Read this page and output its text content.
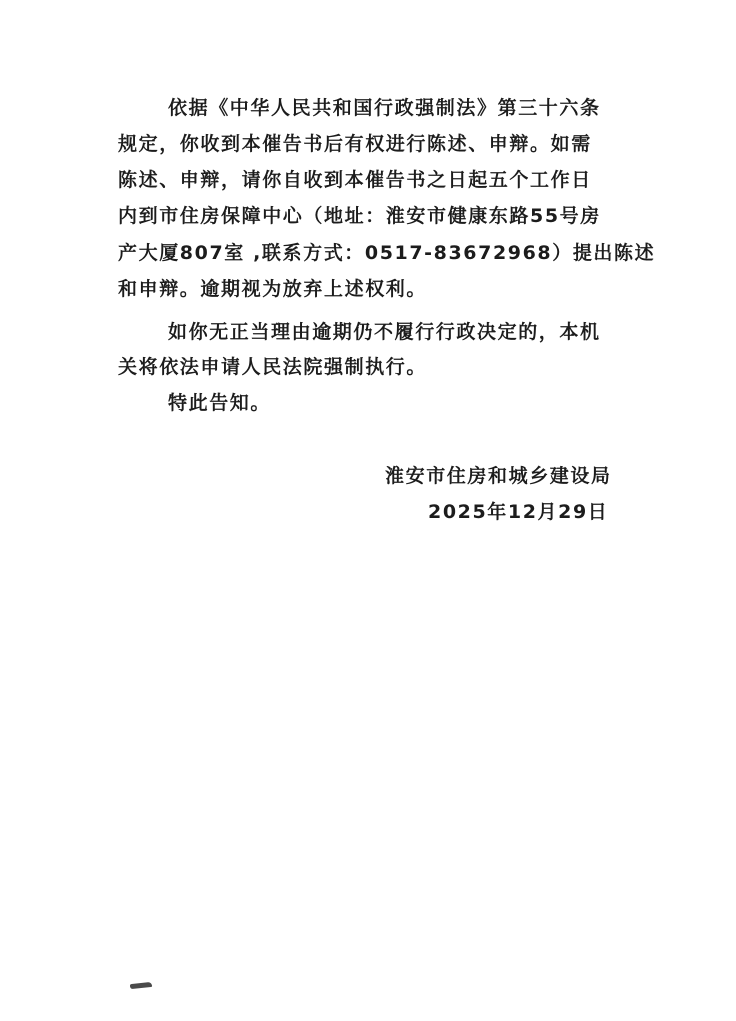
依据《中华人民共和国行政强制法》第三十六条
规定，你收到本催告书后有权进行陈述、申辩。如需
陈述、申辩，请你自收到本催告书之日起五个工作日
内到市住房保障中心（地址：淮安市健康东路55号房
产大厦807室 ,联系方式：0517-83672968）提出陈述
和申辩。逾期视为放弃上述权利。
如你无正当理由逾期仍不履行行政决定的，本机
关将依法申请人民法院强制执行。
特此告知。
淮安市住房和城乡建设局
2025年12月29日
